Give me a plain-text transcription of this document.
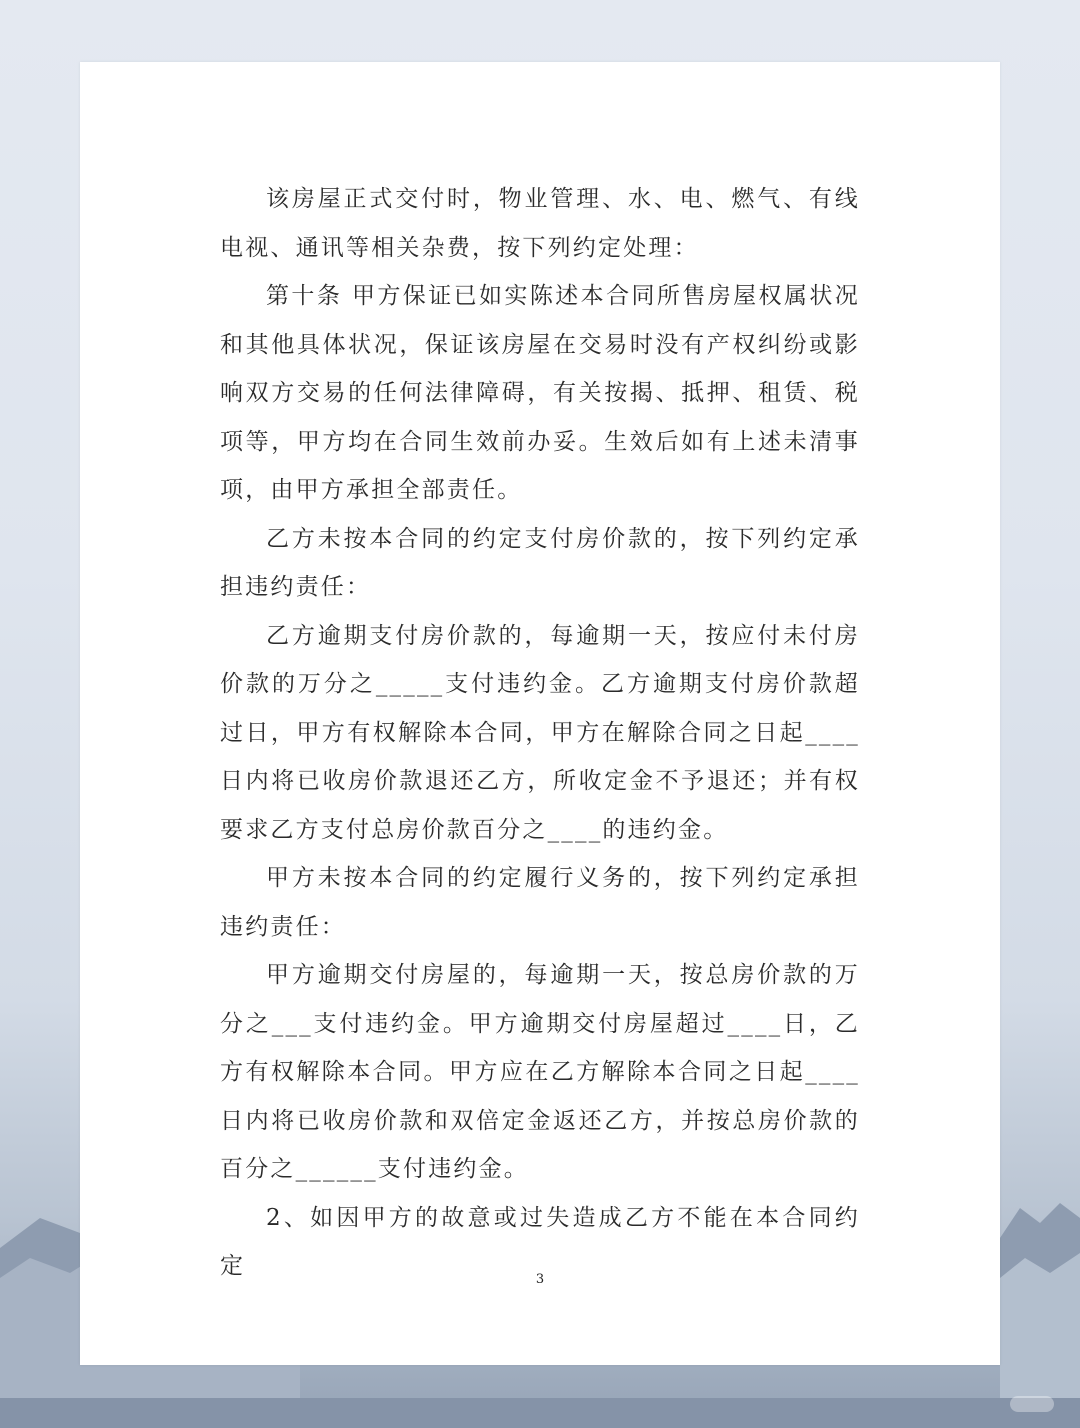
该房屋正式交付时，物业管理、水、电、燃气、有线电视、通讯等相关杂费，按下列约定处理：

第十条 甲方保证已如实陈述本合同所售房屋权属状况和其他具体状况，保证该房屋在交易时没有产权纠纷或影响双方交易的任何法律障碍，有关按揭、抵押、租赁、税项等，甲方均在合同生效前办妥。生效后如有上述未清事项，由甲方承担全部责任。

乙方未按本合同的约定支付房价款的，按下列约定承担违约责任：

乙方逾期支付房价款的，每逾期一天，按应付未付房价款的万分之_____支付违约金。乙方逾期支付房价款超过日，甲方有权解除本合同，甲方在解除合同之日起____日内将已收房价款退还乙方，所收定金不予退还；并有权要求乙方支付总房价款百分之____的违约金。

甲方未按本合同的约定履行义务的，按下列约定承担违约责任：

甲方逾期交付房屋的，每逾期一天，按总房价款的万分之___支付违约金。甲方逾期交付房屋超过____日，乙方有权解除本合同。甲方应在乙方解除本合同之日起____日内将已收房价款和双倍定金返还乙方，并按总房价款的百分之______支付违约金。

2、如因甲方的故意或过失造成乙方不能在本合同约定

3
